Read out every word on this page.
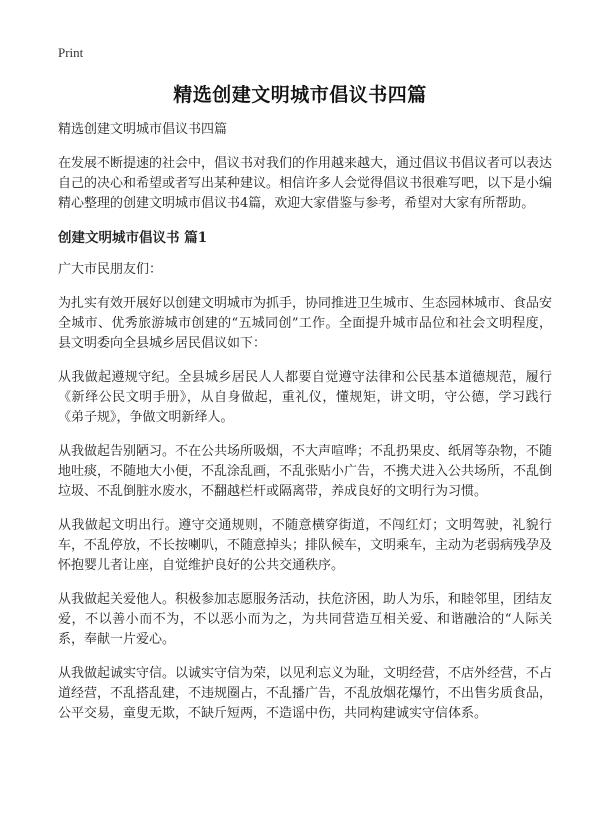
Print
精选创建文明城市倡议书四篇

精选创建文明城市倡议书四篇

在发展不断提速的社会中，倡议书对我们的作用越来越大，通过倡议书倡议者可以表达自己的决心和希望或者写出某种建议。相信许多人会觉得倡议书很难写吧，以下是小编精心整理的创建文明城市倡议书4篇，欢迎大家借鉴与参考，希望对大家有所帮助。

创建文明城市倡议书 篇1

广大市民朋友们：

为扎实有效开展好以创建文明城市为抓手，协同推进卫生城市、生态园林城市、食品安全城市、优秀旅游城市创建的“五城同创”工作。全面提升城市品位和社会文明程度，县文明委向全县城乡居民倡议如下：

从我做起遵规守纪。全县城乡居民人人都要自觉遵守法律和公民基本道德规范，履行《新绎公民文明手册》，从自身做起，重礼仪，懂规矩，讲文明，守公德，学习践行《弟子规》，争做文明新绎人。

从我做起告别陋习。不在公共场所吸烟，不大声喧哗；不乱扔果皮、纸屑等杂物，不随地吐痰，不随地大小便，不乱涂乱画，不乱张贴小广告，不携犬进入公共场所，不乱倒垃圾、不乱倒脏水废水，不翻越栏杆或隔离带，养成良好的文明行为习惯。

从我做起文明出行。遵守交通规则，不随意横穿街道，不闯红灯；文明驾驶，礼貌行车，不乱停放，不长按喇叭，不随意掉头；排队候车，文明乘车，主动为老弱病残孕及怀抱婴儿者让座，自觉维护良好的公共交通秩序。

从我做起关爱他人。积极参加志愿服务活动，扶危济困，助人为乐，和睦邻里，团结友爱，不以善小而不为，不以恶小而为之，为共同营造互相关爱、和谐融洽的“人际关系，奉献一片爱心。

从我做起诚实守信。以诚实守信为荣，以见利忘义为耻，文明经营，不店外经营，不占道经营，不乱搭乱建，不违规圈占，不乱播广告，不乱放烟花爆竹，不出售劣质食品，公平交易，童叟无欺，不缺斤短两，不造谣中伤，共同构建诚实守信体系。
